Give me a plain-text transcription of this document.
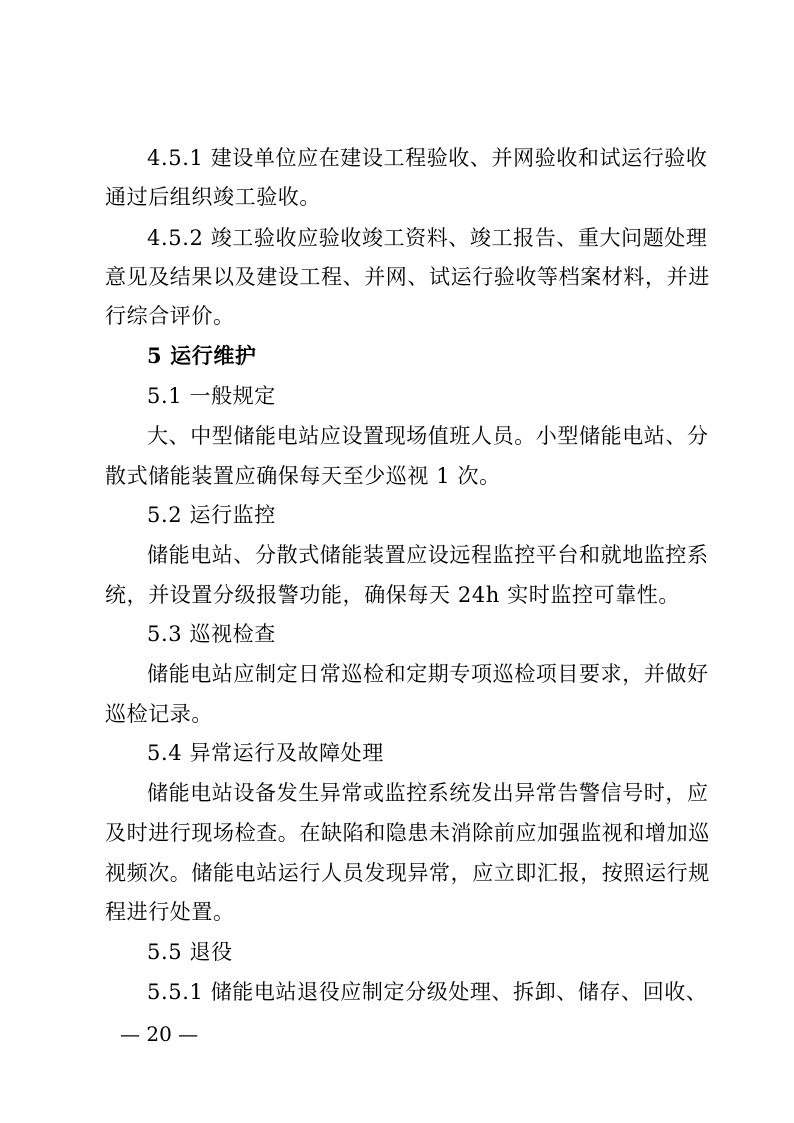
4.5.1 建设单位应在建设工程验收、并网验收和试运行验收
通过后组织竣工验收。
4.5.2 竣工验收应验收竣工资料、竣工报告、重大问题处理
意见及结果以及建设工程、并网、试运行验收等档案材料，并进
行综合评价。
5 运行维护
5.1 一般规定
大、中型储能电站应设置现场值班人员。小型储能电站、分
散式储能装置应确保每天至少巡视 1 次。
5.2 运行监控
储能电站、分散式储能装置应设远程监控平台和就地监控系
统，并设置分级报警功能，确保每天 24h 实时监控可靠性。
5.3 巡视检查
储能电站应制定日常巡检和定期专项巡检项目要求，并做好
巡检记录。
5.4 异常运行及故障处理
储能电站设备发生异常或监控系统发出异常告警信号时，应
及时进行现场检查。在缺陷和隐患未消除前应加强监视和增加巡
视频次。储能电站运行人员发现异常，应立即汇报，按照运行规
程进行处置。
5.5 退役
5.5.1 储能电站退役应制定分级处理、拆卸、储存、回收、
— 20 —
